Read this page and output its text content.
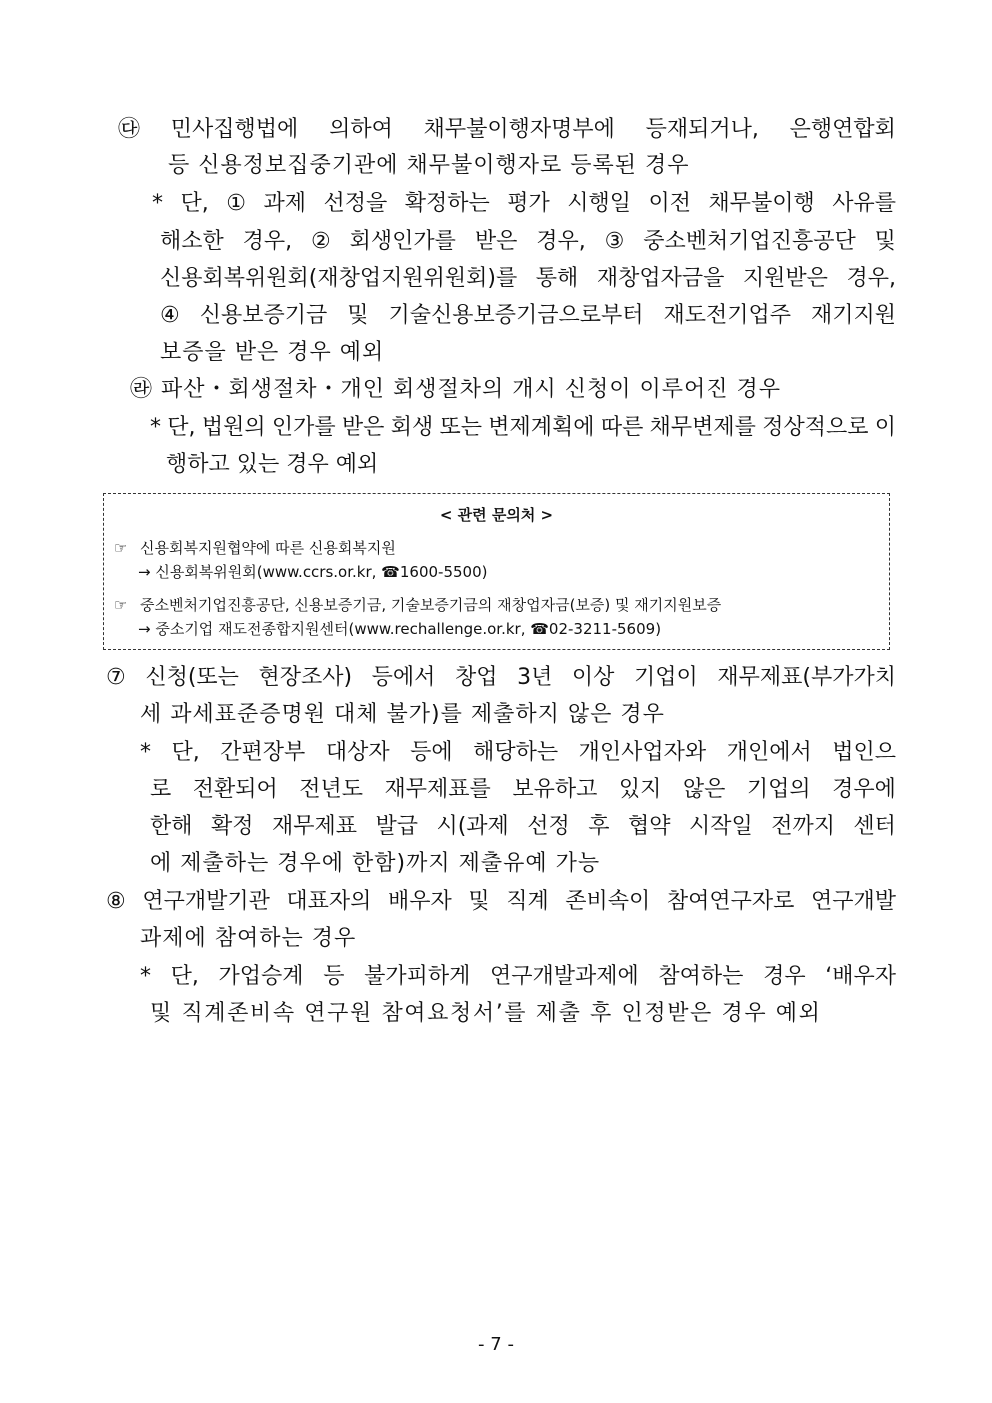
㉰ 민사집행법에 의하여 채무불이행자명부에 등재되거나, 은행연합회
등 신용정보집중기관에 채무불이행자로 등록된 경우
* 단, ① 과제 선정을 확정하는 평가 시행일 이전 채무불이행 사유를
해소한 경우, ② 회생인가를 받은 경우, ③ 중소벤처기업진흥공단 및
신용회복위원회(재창업지원위원회)를 통해 재창업자금을 지원받은 경우,
④ 신용보증기금 및 기술신용보증기금으로부터 재도전기업주 재기지원
보증을 받은 경우 예외
㉱ 파산・회생절차・개인 회생절차의 개시 신청이 이루어진 경우
* 단, 법원의 인가를 받은 회생 또는 변제계획에 따른 채무변제를 정상적으로 이
행하고 있는 경우 예외
< 관련 문의처 >
☞ 신용회복지원협약에 따른 신용회복지원
→ 신용회복위원회(www.ccrs.or.kr, ☎1600-5500)
☞ 중소벤처기업진흥공단, 신용보증기금, 기술보증기금의 재창업자금(보증) 및 재기지원보증
→ 중소기업 재도전종합지원센터(www.rechallenge.or.kr, ☎02-3211-5609)
⑦ 신청(또는 현장조사) 등에서 창업 3년 이상 기업이 재무제표(부가가치
세 과세표준증명원 대체 불가)를 제출하지 않은 경우
* 단, 간편장부 대상자 등에 해당하는 개인사업자와 개인에서 법인으
로 전환되어 전년도 재무제표를 보유하고 있지 않은 기업의 경우에
한해 확정 재무제표 발급 시(과제 선정 후 협약 시작일 전까지 센터
에 제출하는 경우에 한함)까지 제출유예 가능
⑧ 연구개발기관 대표자의 배우자 및 직계 존비속이 참여연구자로 연구개발
과제에 참여하는 경우
* 단, 가업승계 등 불가피하게 연구개발과제에 참여하는 경우 ‘배우자
및 직계존비속 연구원 참여요청서’를 제출 후 인정받은 경우 예외
- 7 -
